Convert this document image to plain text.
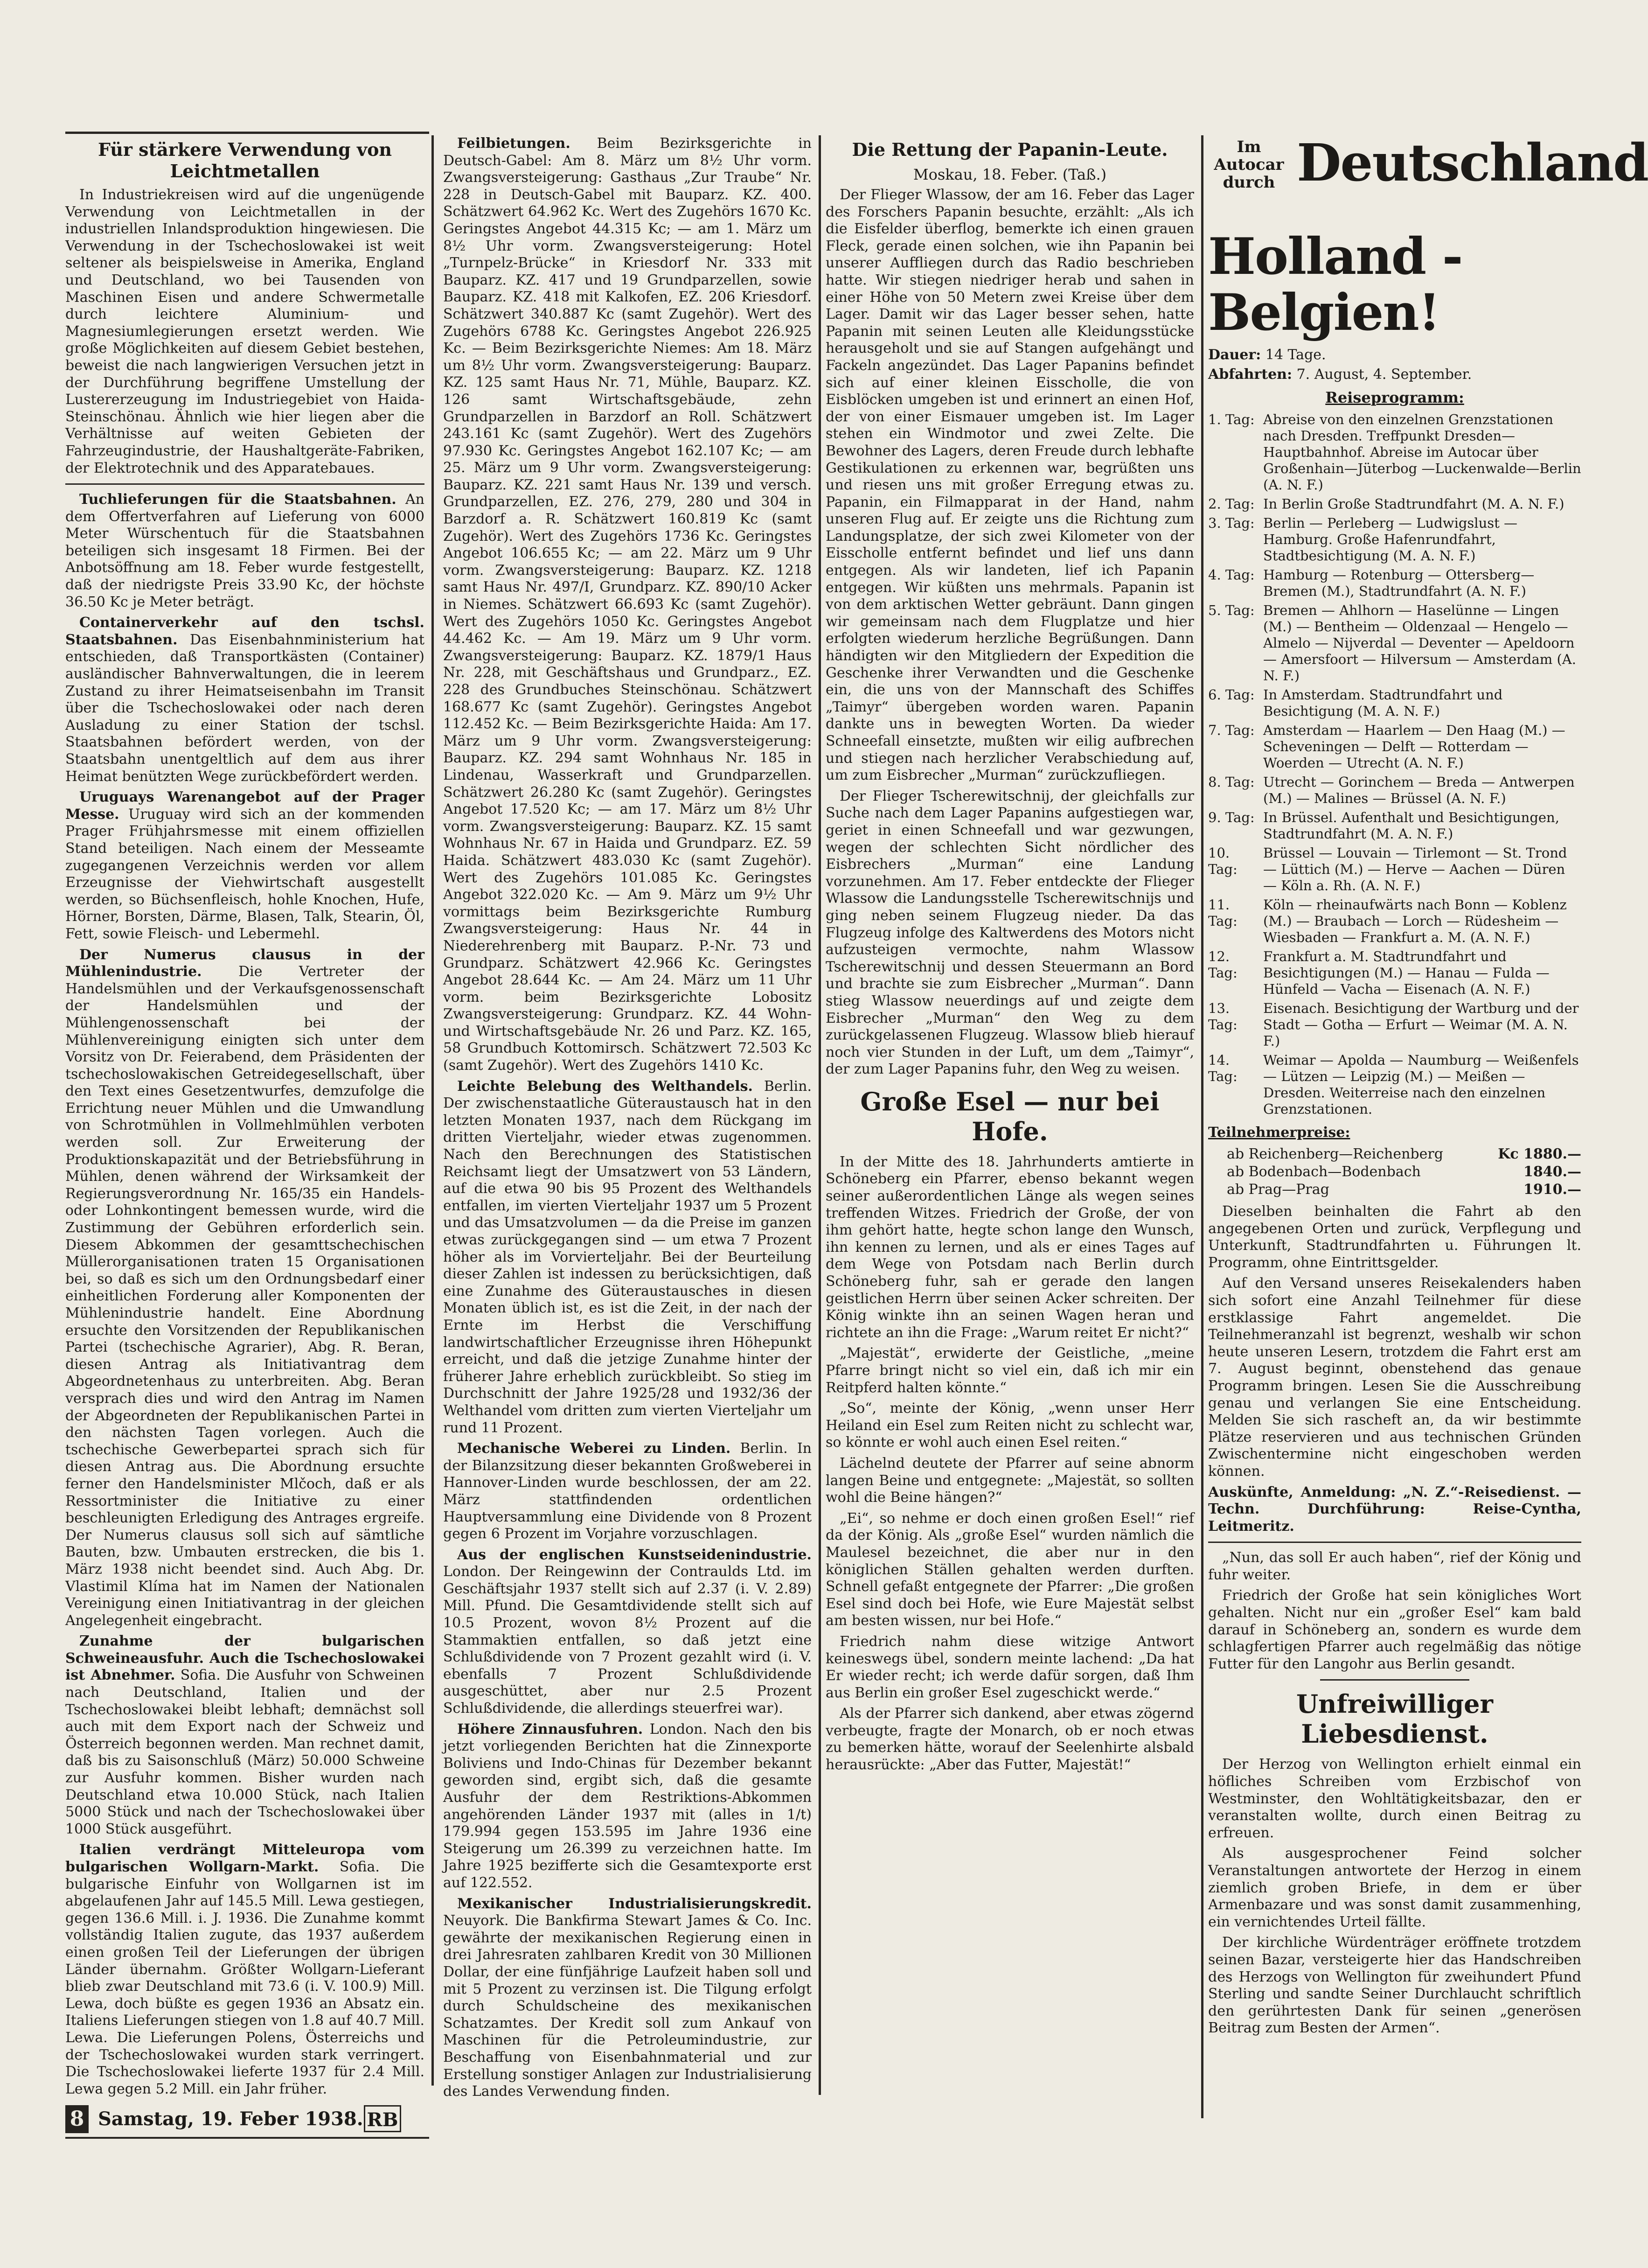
Für stärkere Verwendung von Leichtmetallen

In Industriekreisen wird auf die ungenügende Verwendung von Leichtmetallen in der industriellen Inlandsproduktion hingewiesen. Die Verwendung in der Tschechoslowakei ist weit seltener als beispielsweise in Amerika, England und Deutschland, wo bei Tausenden von Maschinen Eisen und andere Schwermetalle durch leichtere Aluminium- und Magnesiumlegierungen ersetzt werden. Wie große Möglichkeiten auf diesem Gebiet bestehen, beweist die nach langwierigen Versuchen jetzt in der Durchführung begriffene Umstellung der Lustererzeugung im Industriegebiet von Haida-Steinschönau. Ähnlich wie hier liegen aber die Verhältnisse auf weiten Gebieten der Fahrzeugindustrie, der Haushaltgeräte-Fabriken, der Elektrotechnik und des Apparatebaues.

Tuchlieferungen für die Staatsbahnen. An dem Offertverfahren auf Lieferung von 6000 Meter Würschentuch für die Staatsbahnen beteiligen sich insgesamt 18 Firmen. Bei der Anbotsöffnung am 18. Feber wurde festgestellt, daß der niedrigste Preis 33.90 Kc, der höchste 36.50 Kc je Meter beträgt.

Containerverkehr auf den tschsl. Staatsbahnen. Das Eisenbahnministerium hat entschieden, daß Transportkästen (Container) ausländischer Bahnverwaltungen, die in leerem Zustand zu ihrer Heimatseisenbahn im Transit über die Tschechoslowakei oder nach deren Ausladung zu einer Station der tschsl. Staatsbahnen befördert werden, von der Staatsbahn unentgeltlich auf dem aus ihrer Heimat benützten Wege zurückbefördert werden.

Uruguays Warenangebot auf der Prager Messe. Uruguay wird sich an der kommenden Prager Frühjahrsmesse mit einem offiziellen Stand beteiligen. Nach einem der Messeamte zugegangenen Verzeichnis werden vor allem Erzeugnisse der Viehwirtschaft ausgestellt werden, so Büchsenfleisch, hohle Knochen, Hufe, Hörner, Borsten, Därme, Blasen, Talk, Stearin, Öl, Fett, sowie Fleisch- und Lebermehl.

Der Numerus clausus in der Mühlenindustrie.	Die Vertreter der Handelsmühlen und der Verkaufsgenossenschaft der Handelsmühlen und der Mühlengenossenschaft bei der Mühlenvereinigung einigten sich unter dem Vorsitz von Dr. Feierabend, dem Präsidenten der tschechoslowakischen Getreidegesellschaft, über den Text eines Gesetzentwurfes, demzufolge die Errichtung neuer Mühlen und die Umwandlung von Schrotmühlen in Vollmehlmühlen verboten werden soll. Zur Erweiterung der Produktionskapazität und der Betriebsführung in Mühlen, denen während der Wirksamkeit der Regierungsverordnung Nr. 165/35 ein Handels- oder Lohnkontingent bemessen wurde, wird die Zustimmung der Gebühren erforderlich sein. Diesem Abkommen der gesamttschechischen Müllerorganisationen traten 15 Organisationen bei, so daß es sich um den Ordnungsbedarf einer einheitlichen Forderung aller Komponenten der Mühlenindustrie handelt. Eine Abordnung ersuchte den Vorsitzenden der Republikanischen Partei (tschechische Agrarier), Abg. R. Beran, diesen Antrag als Initiativantrag dem Abgeordnetenhaus zu unterbreiten. Abg. Beran versprach dies und wird den Antrag im Namen der Abgeordneten der Republikanischen Partei in den nächsten Tagen vorlegen. Auch die tschechische Gewerbepartei sprach sich für diesen Antrag aus. Die Abordnung ersuchte ferner den Handelsminister Mlčoch, daß er als Ressortminister die Initiative zu einer beschleunigten Erledigung des Antrages ergreife. Der Numerus clausus soll sich auf sämtliche Bauten, bzw. Umbauten erstrecken, die bis 1. März 1938 nicht beendet sind. Auch Abg. Dr. Vlastimil Klíma hat im Namen der Nationalen Vereinigung einen Initiativantrag in der gleichen Angelegenheit eingebracht.

Zunahme der bulgarischen Schweineausfuhr. Auch die Tschechoslowakei ist Abnehmer. Sofia. Die Ausfuhr von Schweinen nach Deutschland, Italien und der Tschechoslowakei bleibt lebhaft; demnächst soll auch mit dem Export nach der Schweiz und Österreich begonnen werden. Man rechnet damit, daß bis zu Saisonschluß (März) 50.000 Schweine zur Ausfuhr kommen. Bisher wurden nach Deutschland etwa 10.000 Stück, nach Italien 5000 Stück und nach der Tschechoslowakei über 1000 Stück ausgeführt.

Italien verdrängt Mitteleuropa vom bulgarischen Wollgarn-Markt. Sofia. Die bulgarische Einfuhr von Wollgarnen ist im abgelaufenen Jahr auf 145.5 Mill. Lewa gestiegen, gegen 136.6 Mill. i. J. 1936. Die Zunahme kommt vollständig Italien zugute, das 1937 außerdem einen großen Teil der Lieferungen der übrigen Länder übernahm. Größter Wollgarn-Lieferant blieb zwar Deutschland mit 73.6 (i. V. 100.9) Mill. Lewa, doch büßte es gegen 1936 an Absatz ein. Italiens Lieferungen stiegen von 1.8 auf 40.7 Mill. Lewa. Die Lieferungen Polens, Österreichs und der Tschechoslowakei wurden stark verringert. Die Tschechoslowakei lieferte 1937 für 2.4 Mill. Lewa gegen 5.2 Mill. ein Jahr früher.

Feilbietungen. Beim Bezirksgerichte in Deutsch-Gabel: Am 8. März um 8½ Uhr vorm. Zwangsversteigerung: Gasthaus „Zur Traube“ Nr. 228 in Deutsch-Gabel mit Bauparz. KZ. 400. Schätzwert 64.962 Kc. Wert des Zugehörs 1670 Kc. Geringstes Angebot 44.315 Kc; — am 1. März um 8½ Uhr vorm. Zwangsversteigerung: Hotel „Turnpelz-Brücke“ in Kriesdorf Nr. 333 mit Bauparz. KZ. 417 und 19 Grundparzellen, sowie Bauparz. KZ. 418 mit Kalkofen, EZ. 206 Kriesdorf. Schätzwert 340.887 Kc (samt Zugehör). Wert des Zugehörs 6788 Kc. Geringstes Angebot 226.925 Kc. — Beim Bezirksgerichte Niemes: Am 18. März um 8½ Uhr vorm. Zwangsversteigerung: Bauparz. KZ. 125 samt Haus Nr. 71, Mühle, Bauparz. KZ. 126 samt Wirtschaftsgebäude, zehn Grundparzellen in Barzdorf an Roll. Schätzwert 243.161 Kc (samt Zugehör). Wert des Zugehörs 97.930 Kc. Geringstes Angebot 162.107 Kc; — am 25. März um 9 Uhr vorm. Zwangsversteigerung: Bauparz. KZ. 221 samt Haus Nr. 139 und versch. Grundparzellen, EZ. 276, 279, 280 und 304 in Barzdorf a. R. Schätzwert 160.819 Kc (samt Zugehör). Wert des Zugehörs 1736 Kc. Geringstes Angebot 106.655 Kc; — am 22. März um 9 Uhr vorm. Zwangsversteigerung: Bauparz. KZ. 1218 samt Haus Nr. 497/I, Grundparz. KZ. 890/10 Acker in Niemes. Schätzwert 66.693 Kc (samt Zugehör). Wert des Zugehörs 1050 Kc. Geringstes Angebot 44.462 Kc. — Am 19. März um 9 Uhr vorm. Zwangsversteigerung: Bauparz. KZ. 1879/1 Haus Nr. 228, mit Geschäftshaus und Grundparz., EZ. 228 des Grundbuches Steinschönau. Schätzwert 168.677 Kc (samt Zugehör). Geringstes Angebot 112.452 Kc. — Beim Bezirksgerichte Haida: Am 17. März um 9 Uhr vorm. Zwangsversteigerung: Bauparz. KZ. 294 samt Wohnhaus Nr. 185 in Lindenau, Wasserkraft und Grundparzellen. Schätzwert 26.280 Kc (samt Zugehör). Geringstes Angebot 17.520 Kc; — am 17. März um 8½ Uhr vorm. Zwangsversteigerung: Bauparz. KZ. 15 samt Wohnhaus Nr. 67 in Haida und Grundparz. EZ. 59 Haida. Schätzwert 483.030 Kc (samt Zugehör). Wert des Zugehörs 101.085 Kc. Geringstes Angebot 322.020 Kc. — Am 9. März um 9½ Uhr vormittags beim Bezirksgerichte Rumburg Zwangsversteigerung: Haus Nr. 44 in Niederehrenberg mit Bauparz. P.-Nr. 73 und Grundparz. Schätzwert 42.966 Kc. Geringstes Angebot 28.644 Kc. — Am 24. März um 11 Uhr vorm. beim Bezirksgerichte Lobositz Zwangsversteigerung: Grundparz. KZ. 44 Wohn- und Wirtschaftsgebäude Nr. 26 und Parz. KZ. 165, 58 Grundbuch Kottomirsch. Schätzwert 72.503 Kc (samt Zugehör). Wert des Zugehörs 1410 Kc.

Leichte Belebung des Welthandels. Berlin. Der zwischenstaatliche Güteraustausch hat in den letzten Monaten 1937, nach dem Rückgang im dritten Vierteljahr, wieder etwas zugenommen. Nach den Berechnungen des Statistischen Reichsamt liegt der Umsatzwert von 53 Ländern, auf die etwa 90 bis 95 Prozent des Welthandels entfallen, im vierten Vierteljahr 1937 um 5 Prozent und das Umsatzvolumen — da die Preise im ganzen etwas zurückgegangen sind — um etwa 7 Prozent höher als im Vorvierteljahr. Bei der Beurteilung dieser Zahlen ist indessen zu berücksichtigen, daß eine Zunahme des Güteraustausches in diesen Monaten üblich ist, es ist die Zeit, in der nach der Ernte im Herbst die Verschiffung landwirtschaftlicher Erzeugnisse ihren Höhepunkt erreicht, und daß die jetzige Zunahme hinter der früherer Jahre erheblich zurückbleibt. So stieg im Durchschnitt der Jahre 1925/28 und 1932/36 der Welthandel vom dritten zum vierten Vierteljahr um rund 11 Prozent.

Mechanische Weberei zu Linden. Berlin. In der Bilanzsitzung dieser bekannten Großweberei in Hannover-Linden wurde beschlossen, der am 22. März stattfindenden ordentlichen Hauptversammlung eine Dividende von 8 Prozent gegen 6 Prozent im Vorjahre vorzuschlagen.

Aus der englischen Kunstseidenindustrie. London. Der Reingewinn der Contraulds Ltd. im Geschäftsjahr 1937 stellt sich auf 2.37 (i. V. 2.89) Mill. Pfund. Die Gesamtdividende stellt sich auf 10.5 Prozent, wovon 8½ Prozent auf die Stammaktien entfallen, so daß jetzt eine Schlußdividende von 7 Prozent gezahlt wird (i. V. ebenfalls 7 Prozent Schlußdividende ausgeschüttet, aber nur 2.5 Prozent Schlußdividende, die allerdings steuerfrei war).

Höhere Zinnausfuhren. London. Nach den bis jetzt vorliegenden Berichten hat die Zinnexporte Boliviens und Indo-Chinas für Dezember bekannt geworden sind, ergibt sich, daß die gesamte Ausfuhr der dem Restriktions-Abkommen angehörenden Länder 1937 mit (alles in 1/t) 179.994 gegen 153.595 im Jahre 1936 eine Steigerung um 26.399 zu verzeichnen hatte. Im Jahre 1925 bezifferte sich die Gesamtexporte erst auf 122.552.

Mexikanischer Industrialisierungskredit. Neuyork. Die Bankfirma Stewart James & Co. Inc. gewährte der mexikanischen Regierung einen in drei Jahresraten zahlbaren Kredit von 30 Millionen Dollar, der eine fünfjährige Laufzeit haben soll und mit 5 Prozent zu verzinsen ist. Die Tilgung erfolgt durch Schuldscheine des mexikanischen Schatzamtes. Der Kredit soll zum Ankauf von Maschinen für die Petroleumindustrie, zur Beschaffung von Eisenbahnmaterial und zur Erstellung sonstiger Anlagen zur Industrialisierung des Landes Verwendung finden.

Die Rettung der Papanin-Leute.
Moskau, 18. Feber. (Taß.)

Der Flieger Wlassow, der am 16. Feber das Lager des Forschers Papanin besuchte, erzählt: „Als ich die Eisfelder überflog, bemerkte ich einen grauen Fleck, gerade einen solchen, wie ihn Papanin bei unserer Auffliegen durch das Radio beschrieben hatte. Wir stiegen niedriger herab und sahen in einer Höhe von 50 Metern zwei Kreise über dem Lager. Damit wir das Lager besser sehen, hatte Papanin mit seinen Leuten alle Kleidungsstücke herausgeholt und sie auf Stangen aufgehängt und Fackeln angezündet. Das Lager Papanins befindet sich auf einer kleinen Eisscholle, die von Eisblöcken umgeben ist und erinnert an einen Hof, der von einer Eismauer umgeben ist. Im Lager stehen ein Windmotor und zwei Zelte. Die Bewohner des Lagers, deren Freude durch lebhafte Gestikulationen zu erkennen war, begrüßten uns und riesen uns mit großer Erregung etwas zu. Papanin, ein Filmapparat in der Hand, nahm unseren Flug auf. Er zeigte uns die Richtung zum Landungsplatze, der sich zwei Kilometer von der Eisscholle entfernt befindet und lief uns dann entgegen. Als wir landeten, lief ich Papanin entgegen. Wir küßten uns mehrmals. Papanin ist von dem arktischen Wetter gebräunt. Dann gingen wir gemeinsam nach dem Flugplatze und hier erfolgten wiederum herzliche Begrüßungen. Dann händigten wir den Mitgliedern der Expedition die Geschenke ihrer Verwandten und die Geschenke ein, die uns von der Mannschaft des Schiffes „Taimyr“ übergeben worden waren. Papanin dankte uns in bewegten Worten. Da wieder Schneefall einsetzte, mußten wir eilig aufbrechen und stiegen nach herzlicher Verabschiedung auf, um zum Eisbrecher „Murman“ zurückzufliegen.

Der Flieger Tscherewitschnij, der gleichfalls zur Suche nach dem Lager Papanins aufgestiegen war, geriet in einen Schneefall und war gezwungen, wegen der schlechten Sicht nördlicher des Eisbrechers „Murman“ eine Landung vorzunehmen. Am 17. Feber entdeckte der Flieger Wlassow die Landungsstelle Tscherewitschnijs und ging neben seinem Flugzeug nieder. Da das Flugzeug infolge des Kaltwerdens des Motors nicht aufzusteigen vermochte, nahm Wlassow Tscherewitschnij und dessen Steuermann an Bord und brachte sie zum Eisbrecher „Murman“. Dann stieg Wlassow neuerdings auf und zeigte dem Eisbrecher „Murman“ den Weg zu dem zurückgelassenen Flugzeug. Wlassow blieb hierauf noch vier Stunden in der Luft, um dem „Taimyr“, der zum Lager Papanins fuhr, den Weg zu weisen.

Große Esel — nur bei Hofe.

In der Mitte des 18. Jahrhunderts amtierte in Schöneberg ein Pfarrer, ebenso bekannt wegen seiner außerordentlichen Länge als wegen seines treffenden Witzes. Friedrich der Große, der von ihm gehört hatte, hegte schon lange den Wunsch, ihn kennen zu lernen, und als er eines Tages auf dem Wege von Potsdam nach Berlin durch Schöneberg fuhr, sah er gerade den langen geistlichen Herrn über seinen Acker schreiten. Der König winkte ihn an seinen Wagen heran und richtete an ihn die Frage: „Warum reitet Er nicht?“

„Majestät“, erwiderte der Geistliche, „meine Pfarre bringt nicht so viel ein, daß ich mir ein Reitpferd halten könnte.“

„So“, meinte der König, „wenn unser Herr Heiland ein Esel zum Reiten nicht zu schlecht war, so könnte er wohl auch einen Esel reiten.“

Lächelnd deutete der Pfarrer auf seine abnorm langen Beine und entgegnete: „Majestät, so sollten wohl die Beine hängen?“

„Ei“, so nehme er doch einen großen Esel!“ rief da der König. Als „große Esel“ wurden nämlich die Maulesel bezeichnet, die aber nur in den königlichen Ställen gehalten werden durften. Schnell gefaßt entgegnete der Pfarrer: „Die großen Esel sind doch bei Hofe, wie Eure Majestät selbst am besten wissen, nur bei Hofe.“

Friedrich nahm diese witzige Antwort keineswegs übel, sondern meinte lachend: „Da hat Er wieder recht; ich werde dafür sorgen, daß Ihm aus Berlin ein großer Esel zugeschickt werde.“

Als der Pfarrer sich dankend, aber etwas zögernd verbeugte, fragte der Monarch, ob er noch etwas zu bemerken hätte, worauf der Seelenhirte alsbald herausrückte: „Aber das Futter, Majestät!“

Im Autocar durch Deutschland
Holland - Belgien!
Dauer: 14 Tage.
Abfahrten: 7. August, 4. September.
Reiseprogramm:
1. Tag: Abreise von den einzelnen Grenzstationen nach Dresden. Treffpunkt Dresden—Hauptbahnhof. Abreise im Autocar über Großenhain—Jüterbog —Luckenwalde—Berlin (A. N. F.)
2. Tag: In Berlin Große Stadtrundfahrt (M. A. N. F.)
3. Tag: Berlin — Perleberg — Ludwigslust — Hamburg. Große Hafenrundfahrt, Stadtbesichtigung (M. A. N. F.)
4. Tag: Hamburg — Rotenburg — Ottersberg—Bremen (M.), Stadtrundfahrt (A. N. F.)
5. Tag: Bremen — Ahlhorn — Haselünne — Lingen (M.) — Bentheim — Oldenzaal — Hengelo — Almelo — Nijverdal — Deventer — Apeldoorn — Amersfoort — Hilversum — Amsterdam (A. N. F.)
6. Tag: In Amsterdam. Stadtrundfahrt und Besichtigung (M. A. N. F.)
7. Tag: Amsterdam — Haarlem — Den Haag (M.) — Scheveningen — Delft — Rotterdam — Woerden — Utrecht (A. N. F.)
8. Tag: Utrecht — Gorinchem — Breda — Antwerpen (M.) — Malines — Brüssel (A. N. F.)
9. Tag: In Brüssel. Aufenthalt und Besichtigungen, Stadtrundfahrt (M. A. N. F.)
10. Tag:
Brüssel — Louvain — Tirlemont — St. Trond — Lüttich (M.) — Herve — Aachen — Düren — Köln a. Rh. (A. N. F.)
11. Tag:
Köln — rheinaufwärts nach Bonn — Koblenz (M.) — Braubach — Lorch — Rüdesheim — Wiesbaden — Frankfurt a. M. (A. N. F.)
12. Tag:
Frankfurt a. M. Stadtrundfahrt und Besichtigungen (M.) — Hanau — Fulda — Hünfeld — Vacha — Eisenach (A. N. F.)
13. Tag:
Eisenach. Besichtigung der Wartburg und der Stadt — Gotha — Erfurt — Weimar (M. A. N. F.)
14. Tag:
Weimar — Apolda — Naumburg — Weißenfels — Lützen — Leipzig (M.) — Meißen — Dresden. Weiterreise nach den einzelnen Grenzstationen.
Teilnehmerpreise:
ab Reichenberg—Reichenberg	Kc 1880.—
ab Bodenbach—Bodenbach	1840.—
ab Prag—Prag	1910.—

Dieselben beinhalten die Fahrt ab den angegebenen Orten und zurück, Verpflegung und Unterkunft, Stadtrundfahrten u. Führungen lt. Programm, ohne Eintrittsgelder.

Auf den Versand unseres Reisekalenders haben sich sofort eine Anzahl Teilnehmer für diese erstklassige Fahrt angemeldet. Die Teilnehmeranzahl ist begrenzt, weshalb wir schon heute unseren Lesern, trotzdem die Fahrt erst am 7. August beginnt, obenstehend das genaue Programm bringen. Lesen Sie die Ausschreibung genau und verlangen Sie eine Entscheidung. Melden Sie sich rascheft an, da wir bestimmte Plätze reservieren und aus technischen Gründen Zwischentermine nicht eingeschoben werden können.

Auskünfte, Anmeldung: „N. Z.“-Reisedienst. — Techn. Durchführung: Reise-Cyntha, Leitmeritz.

„Nun, das soll Er auch haben“, rief der König und fuhr weiter.

Friedrich der Große hat sein königliches Wort gehalten. Nicht nur ein „großer Esel“ kam bald darauf in Schöneberg an, sondern es wurde dem schlagfertigen Pfarrer auch regelmäßig das nötige Futter für den Langohr aus Berlin gesandt.

Unfreiwilliger Liebesdienst.

Der Herzog von Wellington erhielt einmal ein höfliches Schreiben vom Erzbischof von Westminster, den Wohltätigkeitsbazar, den er veranstalten wollte, durch einen Beitrag zu erfreuen.

Als ausgesprochener Feind solcher Veranstaltungen antwortete der Herzog in einem ziemlich groben Briefe, in dem er über Armenbazare und was sonst damit zusammenhing, ein vernichtendes Urteil fällte.

Der kirchliche Würdenträger eröffnete trotzdem seinen Bazar, versteigerte hier das Handschreiben des Herzogs von Wellington für zweihundert Pfund Sterling und sandte Seiner Durchlaucht schriftlich den gerührtesten Dank für seinen „generösen Beitrag zum Besten der Armen“.

8 Samstag, 19. Feber 1938. RB
